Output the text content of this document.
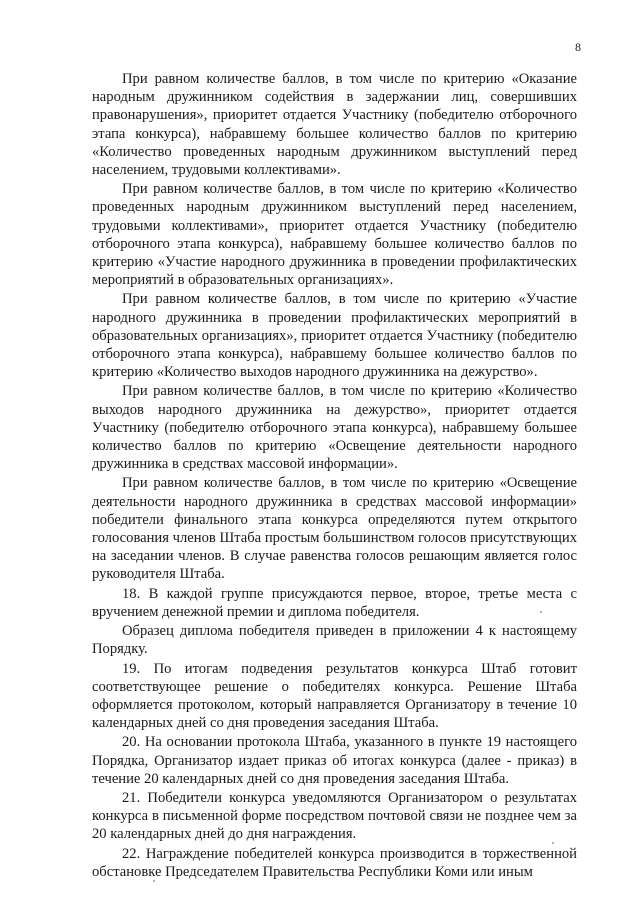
8

При равном количестве баллов, в том числе по критерию «Оказание народным дружинником содействия в задержании лиц, совершивших правонарушения», приоритет отдается Участнику (победителю отборочного этапа конкурса), набравшему большее количество баллов по критерию «Количество проведенных народным дружинником выступлений перед населением, трудовыми коллективами».

При равном количестве баллов, в том числе по критерию «Количество проведенных народным дружинником выступлений перед населением, трудовыми коллективами», приоритет отдается Участнику (победителю отборочного этапа конкурса), набравшему большее количество баллов по критерию «Участие народного дружинника в проведении профилактических мероприятий в образовательных организациях».

При равном количестве баллов, в том числе по критерию «Участие народного дружинника в проведении профилактических мероприятий в образовательных организациях», приоритет отдается Участнику (победителю отборочного этапа конкурса), набравшему большее количество баллов по критерию «Количество выходов народного дружинника на дежурство».

При равном количестве баллов, в том числе по критерию «Количество выходов народного дружинника на дежурство», приоритет отдается Участнику (победителю отборочного этапа конкурса), набравшему большее количество баллов по критерию «Освещение деятельности народного дружинника в средствах массовой информации».

При равном количестве баллов, в том числе по критерию «Освещение деятельности народного дружинника в средствах массовой информации» победители финального этапа конкурса определяются путем открытого голосования членов Штаба простым большинством голосов присутствующих на заседании членов. В случае равенства голосов решающим является голос руководителя Штаба.

18. В каждой группе присуждаются первое, второе, третье места с вручением денежной премии и диплома победителя.

Образец диплома победителя приведен в приложении 4 к настоящему Порядку.

19. По итогам подведения результатов конкурса Штаб готовит соответствующее решение о победителях конкурса. Решение Штаба оформляется протоколом, который направляется Организатору в течение 10 календарных дней со дня проведения заседания Штаба.

20. На основании протокола Штаба, указанного в пункте 19 настоящего Порядка, Организатор издает приказ об итогах конкурса (далее - приказ) в течение 20 календарных дней со дня проведения заседания Штаба.

21. Победители конкурса уведомляются Организатором о результатах конкурса в письменной форме посредством почтовой связи не позднее чем за 20 календарных дней до дня награждения.

22. Награждение победителей конкурса производится в торжественной обстановке Председателем Правительства Республики Коми или иным
